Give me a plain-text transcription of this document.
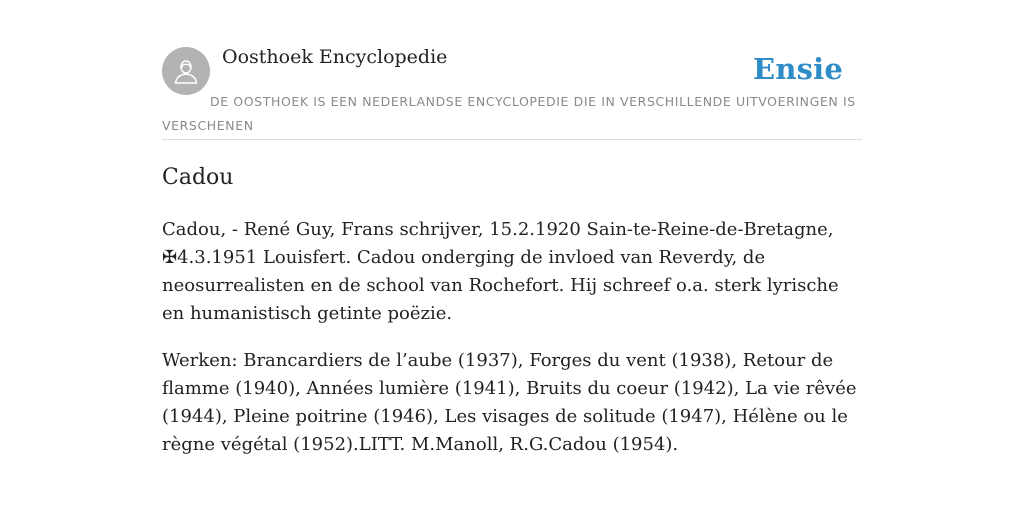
Oosthoek Encyclopedie	Ensie
DE OOSTHOEK IS EEN NEDERLANDSE ENCYCLOPEDIE DIE IN VERSCHILLENDE UITVOERINGEN IS VERSCHENEN
Cadou

Cadou, - René Guy, Frans schrijver, 15.2.1920 Sain-te-Reine-de-Bretagne, ✠4.3.1951 Louisfert. Cadou onderging de invloed van Reverdy, de neosurrealisten en de school van Rochefort. Hij schreef o.a. sterk lyrische en humanistisch getinte poëzie.

Werken: Brancardiers de l’aube (1937), Forges du vent (1938), Retour de flamme (1940), Années lumière (1941), Bruits du coeur (1942), La vie rêvée (1944), Pleine poitrine (1946), Les visages de solitude (1947), Hélène ou le règne végétal (1952).LITT. M.Manoll, R.G.Cadou (1954).
